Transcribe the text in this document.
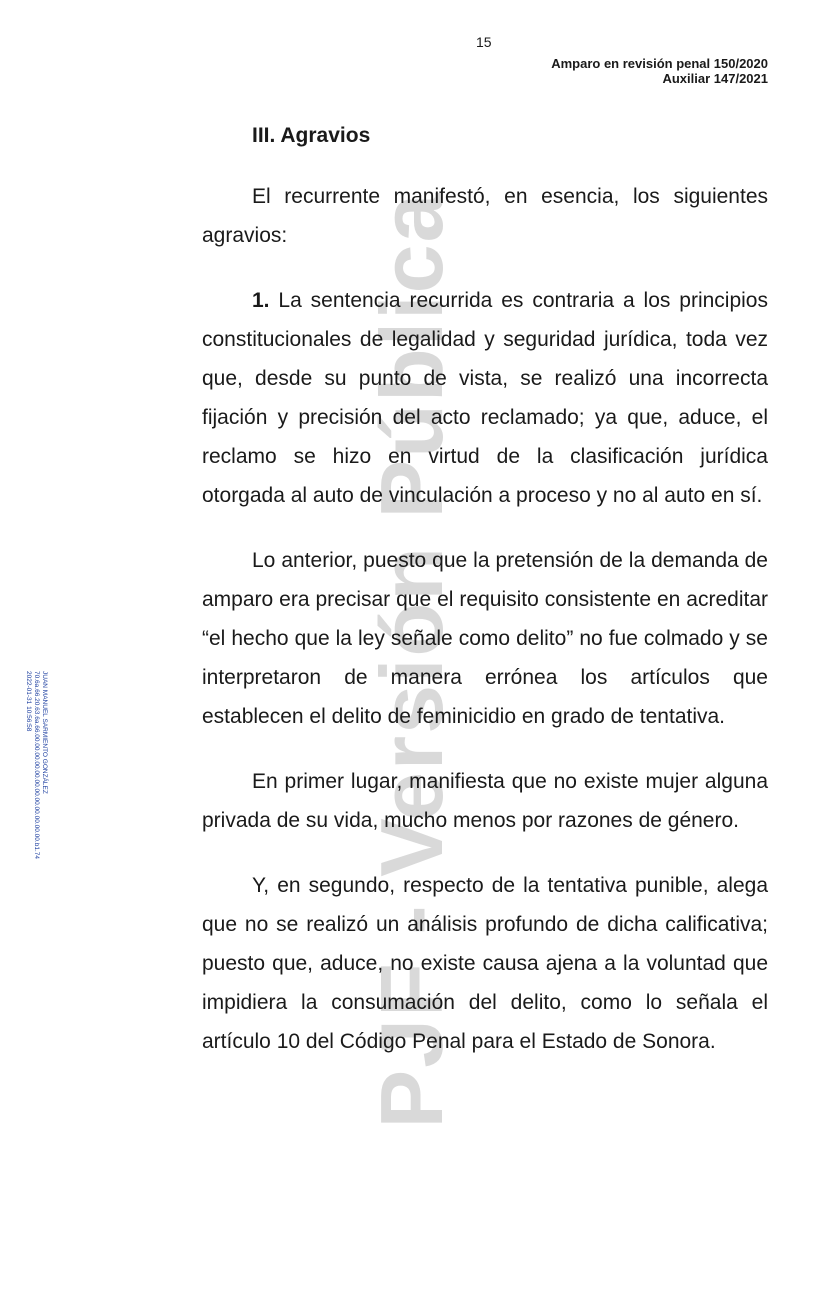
15
Amparo en revisión penal 150/2020
Auxiliar 147/2021
PJF - Versión Pública
JUAN MANUEL SARMIENTO GONZÁLEZ
70.6a.66.20.63.6a.66.00.00.00.00.00.00.00.00.00.00.00.00.b1.74
2022-01-31 10:56:58
III. Agravios

El recurrente manifestó, en esencia, los siguientes agravios:

1. La sentencia recurrida es contraria a los principios constitucionales de legalidad y seguridad jurídica, toda vez que, desde su punto de vista, se realizó una incorrecta fijación y precisión del acto reclamado; ya que, aduce, el reclamo se hizo en virtud de la clasificación jurídica otorgada al auto de vinculación a proceso y no al auto en sí.

Lo anterior, puesto que la pretensión de la demanda de amparo era precisar que el requisito consistente en acreditar “el hecho que la ley señale como delito” no fue colmado y se interpretaron de manera errónea los artículos que establecen el delito de feminicidio en grado de tentativa.

En primer lugar, manifiesta que no existe mujer alguna privada de su vida, mucho menos por razones de género.

Y, en segundo, respecto de la tentativa punible, alega que no se realizó un análisis profundo de dicha calificativa; puesto que, aduce, no existe causa ajena a la voluntad que impidiera la consumación del delito, como lo señala el artículo 10 del Código Penal para el Estado de Sonora.
